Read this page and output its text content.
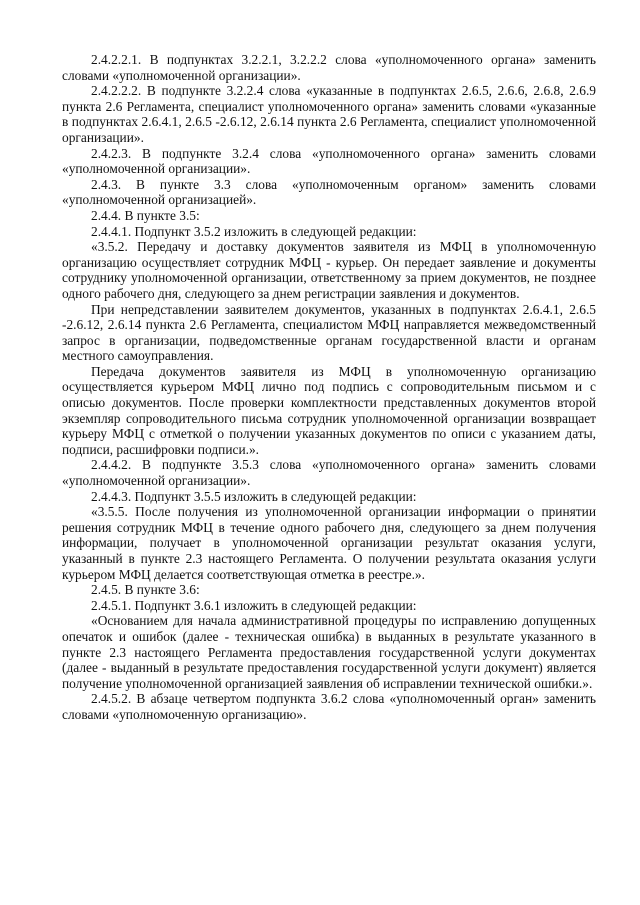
2.4.2.2.1. В подпунктах 3.2.2.1, 3.2.2.2 слова «уполномоченного органа» заменить словами «уполномоченной организации».

2.4.2.2.2. В подпункте 3.2.2.4 слова «указанные в подпунктах 2.6.5, 2.6.6, 2.6.8, 2.6.9 пункта 2.6 Регламента, специалист уполномоченного органа» заменить словами «указанные в подпунктах 2.6.4.1, 2.6.5 -2.6.12, 2.6.14 пункта 2.6 Регламента, специалист уполномоченной организации».

2.4.2.3. В подпункте 3.2.4 слова «уполномоченного органа» заменить словами «уполномоченной организации».

2.4.3. В пункте 3.3 слова «уполномоченным органом» заменить словами «уполномоченной организацией».

2.4.4. В пункте 3.5:

2.4.4.1. Подпункт 3.5.2 изложить в следующей редакции:

«3.5.2. Передачу и доставку документов заявителя из МФЦ в уполномоченную организацию осуществляет сотрудник МФЦ - курьер. Он передает заявление и документы сотруднику уполномоченной организации, ответственному за прием документов, не позднее одного рабочего дня, следующего за днем регистрации заявления и документов.

При непредставлении заявителем документов, указанных в подпунктах 2.6.4.1, 2.6.5 -2.6.12, 2.6.14 пункта 2.6 Регламента, специалистом МФЦ направляется межведомственный запрос в организации, подведомственные органам государственной власти и органам местного самоуправления.

Передача документов заявителя из МФЦ в уполномоченную организацию осуществляется курьером МФЦ лично под подпись с сопроводительным письмом и с описью документов. После проверки комплектности представленных документов второй экземпляр сопроводительного письма сотрудник уполномоченной организации возвращает курьеру МФЦ с отметкой о получении указанных документов по описи с указанием даты, подписи, расшифровки подписи.».

2.4.4.2. В подпункте 3.5.3 слова «уполномоченного органа» заменить словами «уполномоченной организации».

2.4.4.3. Подпункт 3.5.5 изложить в следующей редакции:

«3.5.5. После получения из уполномоченной организации информации о принятии решения сотрудник МФЦ в течение одного рабочего дня, следующего за днем получения информации, получает в уполномоченной организации результат оказания услуги, указанный в пункте 2.3 настоящего Регламента. О получении результата оказания услуги курьером МФЦ делается соответствующая отметка в реестре.».

2.4.5. В пункте 3.6:

2.4.5.1. Подпункт 3.6.1 изложить в следующей редакции:

«Основанием для начала административной процедуры по исправлению допущенных опечаток и ошибок (далее - техническая ошибка) в выданных в результате указанного в пункте 2.3 настоящего Регламента предоставления государственной услуги документах (далее - выданный в результате предоставления государственной услуги документ) является получение уполномоченной организацией заявления об исправлении технической ошибки.».

2.4.5.2. В абзаце четвертом подпункта 3.6.2 слова «уполномоченный орган» заменить словами «уполномоченную организацию».
